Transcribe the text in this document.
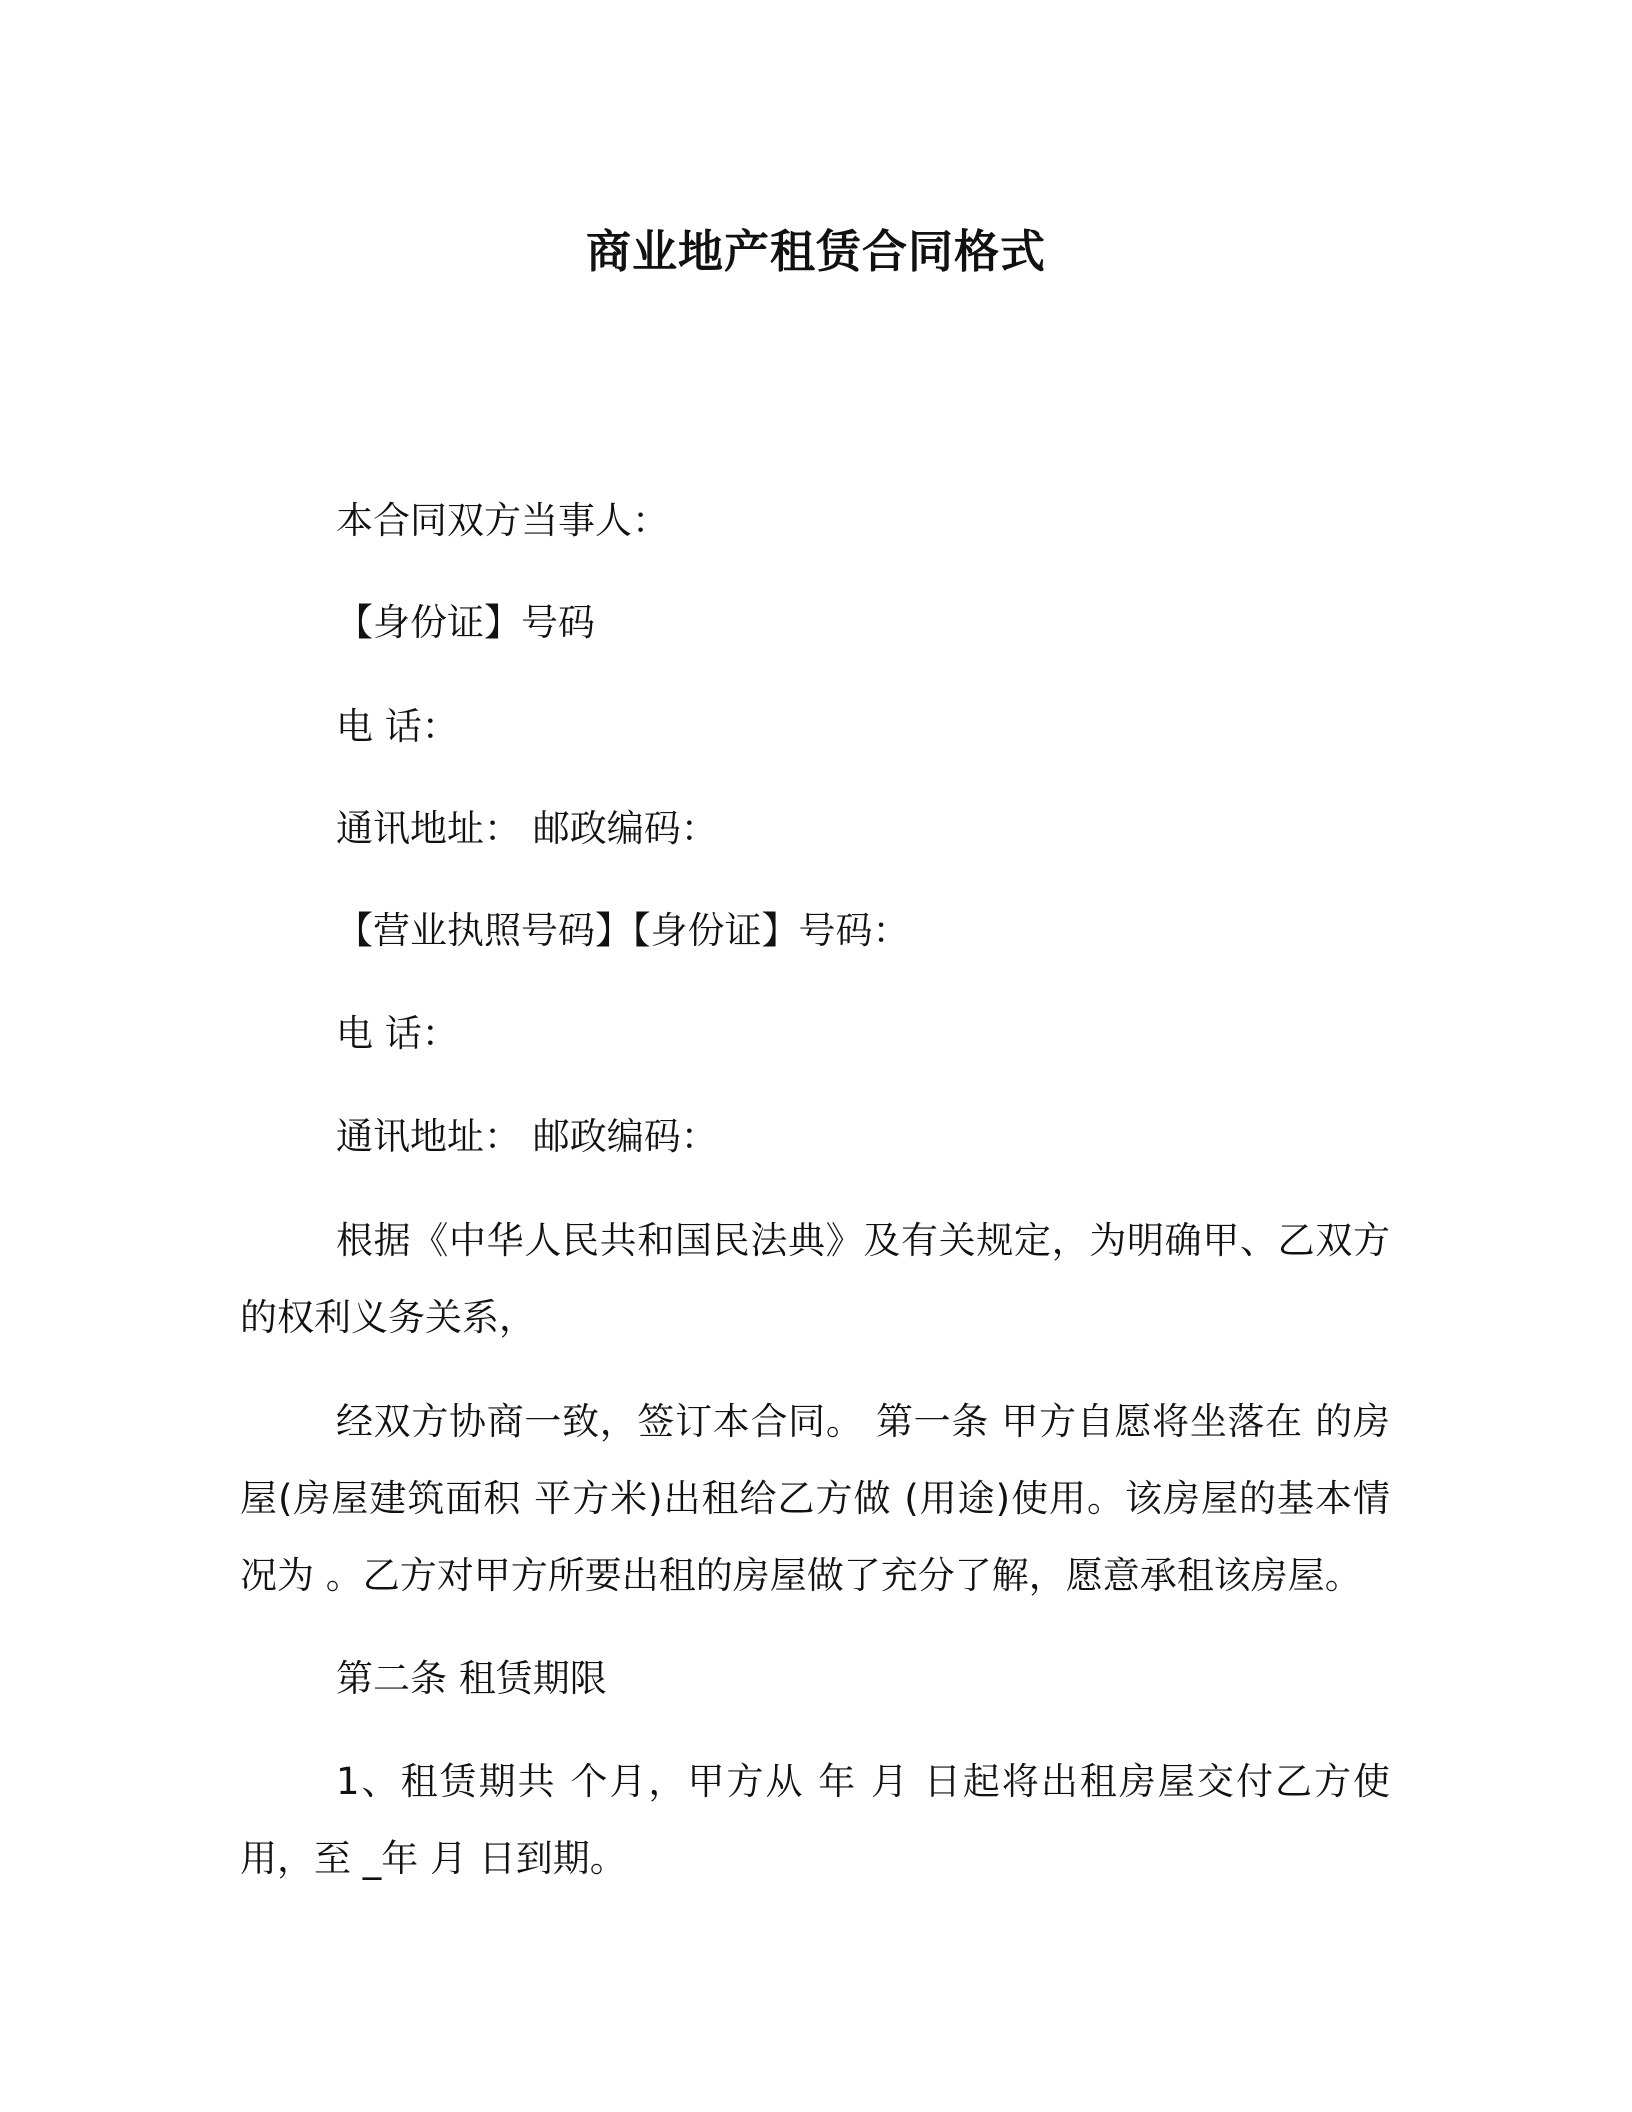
商业地产租赁合同格式

本合同双方当事人：

【身份证】号码

电 话：

通讯地址： 邮政编码：

【营业执照号码】【身份证】号码：

电 话：

通讯地址： 邮政编码：

根据《中华人民共和国民法典》及有关规定，为明确甲、乙双方的权利义务关系，

经双方协商一致，签订本合同。 第一条 甲方自愿将坐落在 的房屋(房屋建筑面积 平方米)出租给乙方做 (用途)使用。该房屋的基本情况为 。乙方对甲方所要出租的房屋做了充分了解，愿意承租该房屋。

第二条 租赁期限

1、租赁期共 个月，甲方从 年 月 日起将出租房屋交付乙方使用，至 _年 月 日到期。
